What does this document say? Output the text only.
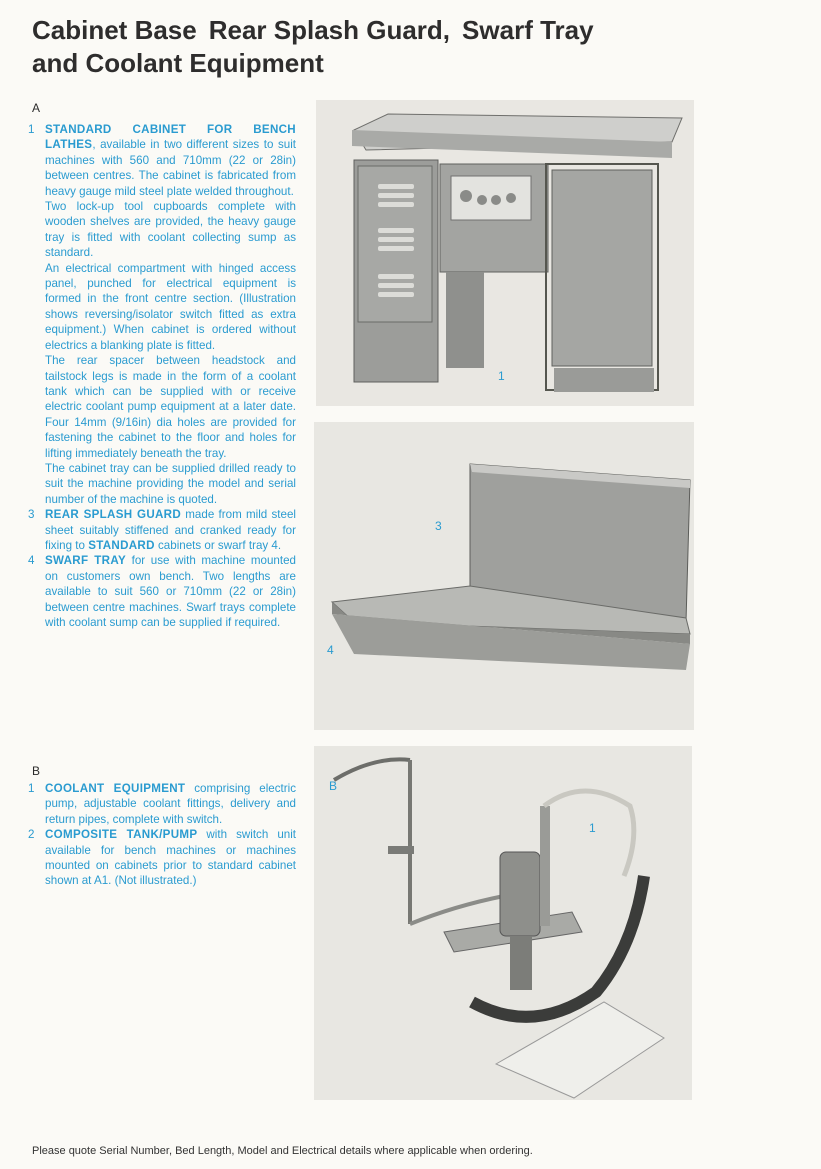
Cabinet Base Rear Splash Guard, Swarf Tray
and Coolant Equipment
A
1 STANDARD CABINET FOR BENCH LATHES, available in two different sizes to suit machines with 560 and 710mm (22 or 28in) between centres. The cabinet is fabricated from heavy gauge mild steel plate welded throughout.

Two lock-up tool cupboards complete with wooden shelves are provided, the heavy gauge tray is fitted with coolant collecting sump as standard.

An electrical compartment with hinged access panel, punched for electrical equipment is formed in the front centre section. (Illustration shows reversing/isolator switch fitted as extra equipment.) When cabinet is ordered without electrics a blanking plate is fitted.

The rear spacer between headstock and tailstock legs is made in the form of a coolant tank which can be supplied with or receive electric coolant pump equipment at a later date. Four 14mm (9/16in) dia holes are provided for fastening the cabinet to the floor and holes for lifting immediately beneath the tray.

The cabinet tray can be supplied drilled ready to suit the machine providing the model and serial number of the machine is quoted.

3 REAR SPLASH GUARD made from mild steel sheet suitably stiffened and cranked ready for fixing to STANDARD cabinets or swarf tray 4.

4 SWARF TRAY for use with machine mounted on customers own bench. Two lengths are available to suit 560 or 710mm (22 or 28in) between centre machines. Swarf trays complete with coolant sump can be supplied if required.

B
1 COOLANT EQUIPMENT comprising electric pump, adjustable coolant fittings, delivery and return pipes, complete with switch.

2 COMPOSITE TANK/PUMP with switch unit available for bench machines or machines mounted on cabinets prior to standard cabinet shown at A1. (Not illustrated.)

1
3
4
B
1
Please quote Serial Number, Bed Length, Model and Electrical details where applicable when ordering.
